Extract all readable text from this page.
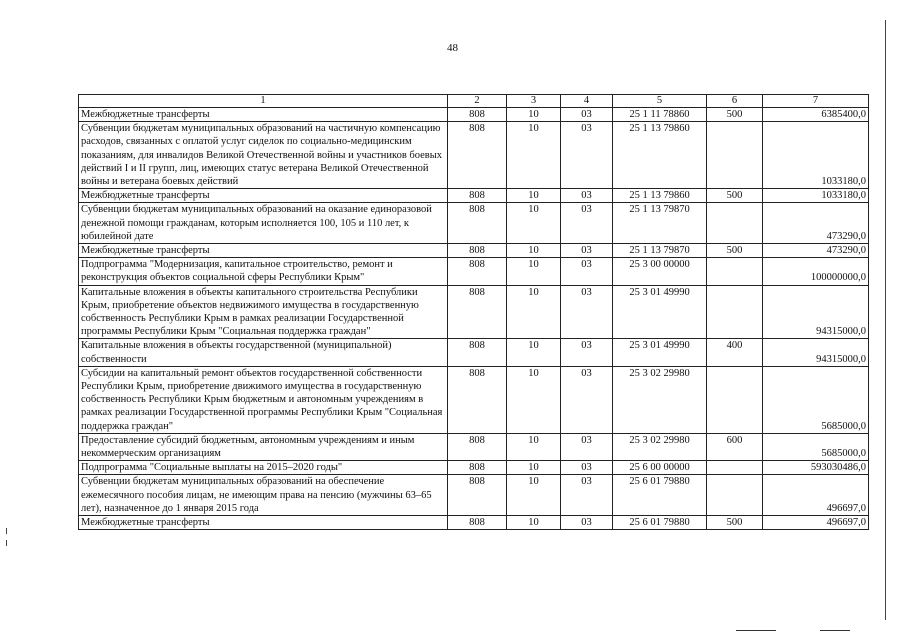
48
1	2	3	4	5	6	7
Межбюджетные трансферты	808	10	03	25 1 11 78860	500	6385400,0
Субвенции бюджетам муниципальных образований на частичную компенсацию расходов, связанных с оплатой услуг сиделок по социально-медицинским показаниям, для инвалидов Великой Отечественной войны и участников боевых действий I и II групп, лиц, имеющих статус ветерана Великой Отечественной войны и ветерана боевых действий	808	10	03	25 1 13 79860		1033180,0
Межбюджетные трансферты	808	10	03	25 1 13 79860	500	1033180,0
Субвенции бюджетам муниципальных образований на оказание единоразовой денежной помощи гражданам, которым исполняется 100, 105 и 110 лет, к юбилейной дате	808	10	03	25 1 13 79870		473290,0
Межбюджетные трансферты	808	10	03	25 1 13 79870	500	473290,0
Подпрограмма "Модернизация, капитальное строительство, ремонт и реконструкция объектов социальной сферы Республики Крым"	808	10	03	25 3 00 00000		100000000,0
Капитальные вложения в объекты капитального строительства Республики Крым, приобретение объектов недвижимого имущества в государственную собственность Республики Крым в рамках реализации Государственной программы Республики Крым "Социальная поддержка граждан"	808	10	03	25 3 01 49990		94315000,0
Капитальные вложения в объекты государственной (муниципальной) собственности	808	10	03	25 3 01 49990	400	94315000,0
Субсидии на капитальный ремонт объектов государственной собственности Республики Крым, приобретение движимого имущества в государственную собственность Республики Крым бюджетным и автономным учреждениям в рамках реализации Государственной программы Республики Крым "Социальная поддержка граждан"	808	10	03	25 3 02 29980		5685000,0
Предоставление субсидий бюджетным, автономным учреждениям и иным некоммерческим организациям	808	10	03	25 3 02 29980	600	5685000,0
Подпрограмма "Социальные выплаты на 2015–2020 годы"	808	10	03	25 6 00 00000		593030486,0
Субвенции бюджетам муниципальных образований на обеспечение ежемесячного пособия лицам, не имеющим права на пенсию (мужчины 63–65 лет), назначенное до 1 января 2015 года	808	10	03	25 6 01 79880		496697,0
Межбюджетные трансферты	808	10	03	25 6 01 79880	500	496697,0
